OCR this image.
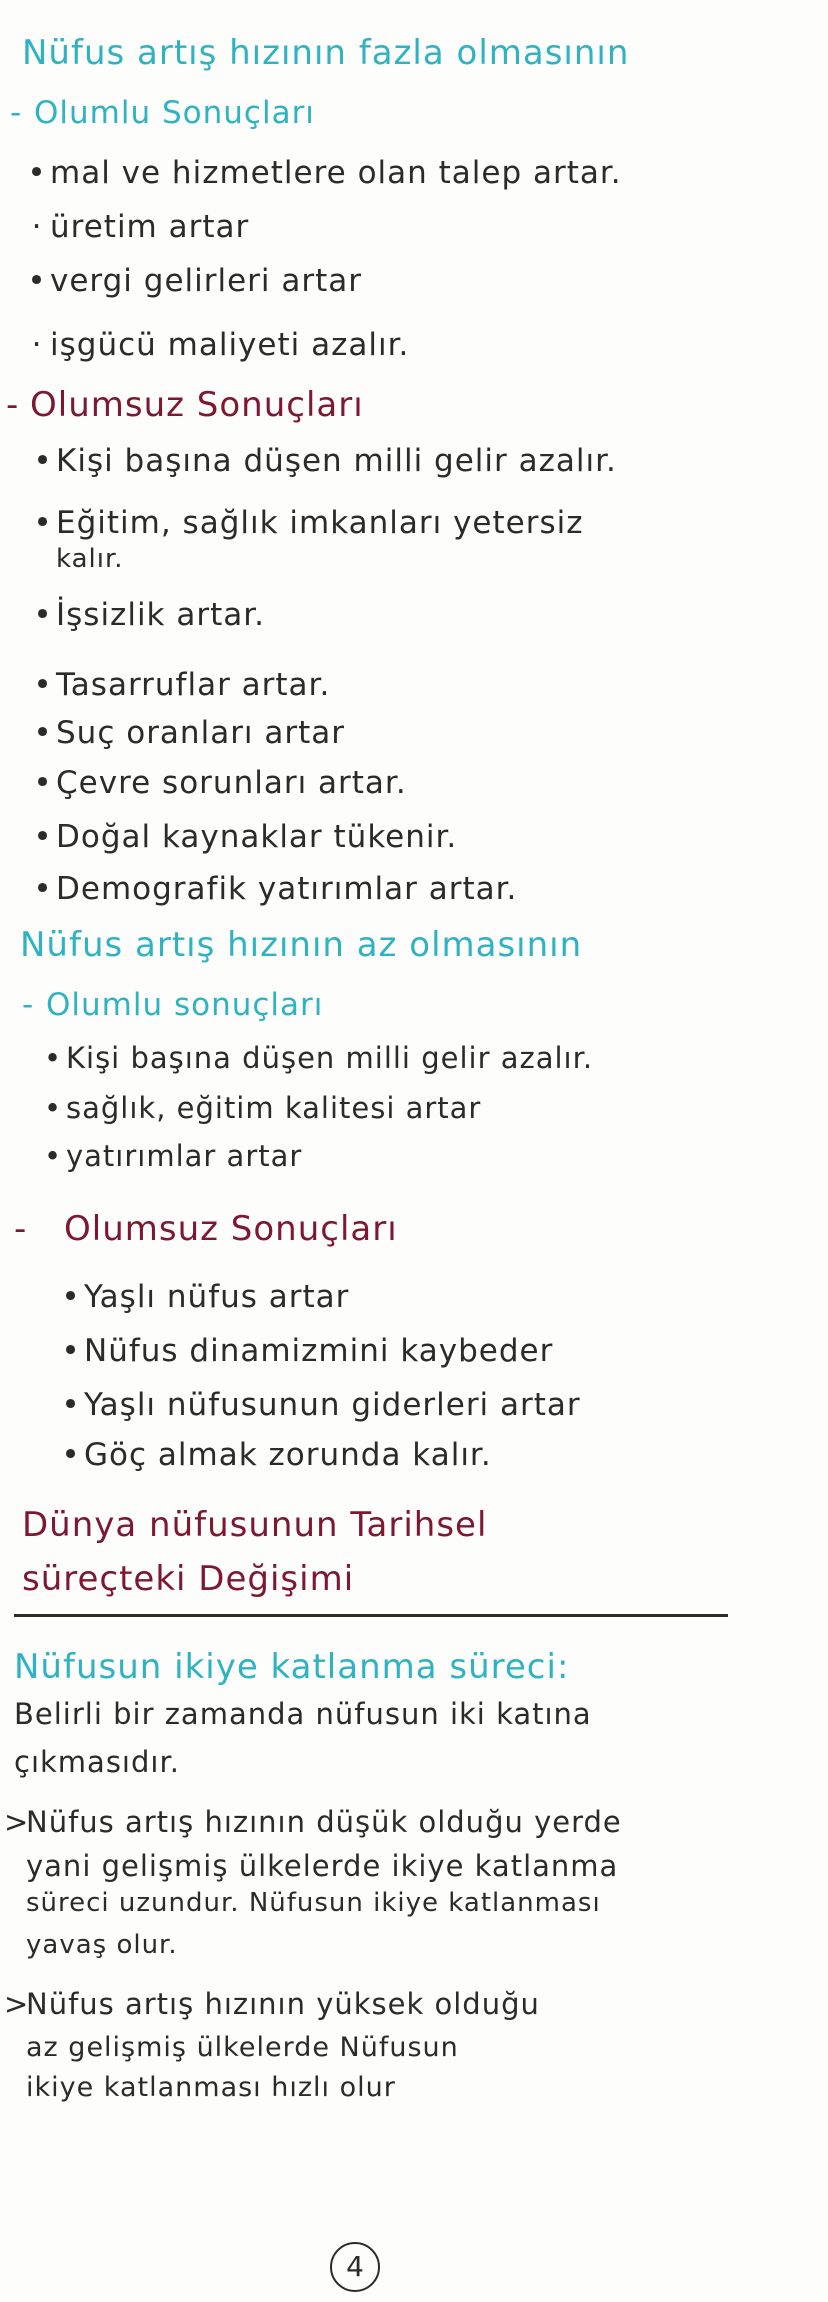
Nüfus artış hızının fazla olmasının
- Olumlu Sonuçları
• mal ve hizmetlere olan talep artar.
· üretim artar
• vergi gelirleri artar
· işgücü maliyeti azalır.
- Olumsuz Sonuçları
• Kişi başına düşen milli gelir azalır.
• Eğitim, sağlık imkanları yetersiz
kalır.
• İşsizlik artar.
• Tasarruflar artar.
• Suç oranları artar
• Çevre sorunları artar.
• Doğal kaynaklar tükenir.
• Demografik yatırımlar artar.
Nüfus artış hızının az olmasının
- Olumlu sonuçları
• Kişi başına düşen milli gelir azalır.
• sağlık, eğitim kalitesi artar
• yatırımlar artar
- Olumsuz Sonuçları
• Yaşlı nüfus artar
• Nüfus dinamizmini kaybeder
• Yaşlı nüfusunun giderleri artar
• Göç almak zorunda kalır.
Dünya nüfusunun Tarihsel
süreçteki Değişimi
Nüfusun ikiye katlanma süreci:
Belirli bir zamanda nüfusun iki katına
çıkmasıdır.
>Nüfus artış hızının düşük olduğu yerde
yani gelişmiş ülkelerde ikiye katlanma
süreci uzundur. Nüfusun ikiye katlanması
yavaş olur.
>Nüfus artış hızının yüksek olduğu
az gelişmiş ülkelerde Nüfusun
ikiye katlanması hızlı olur
4
